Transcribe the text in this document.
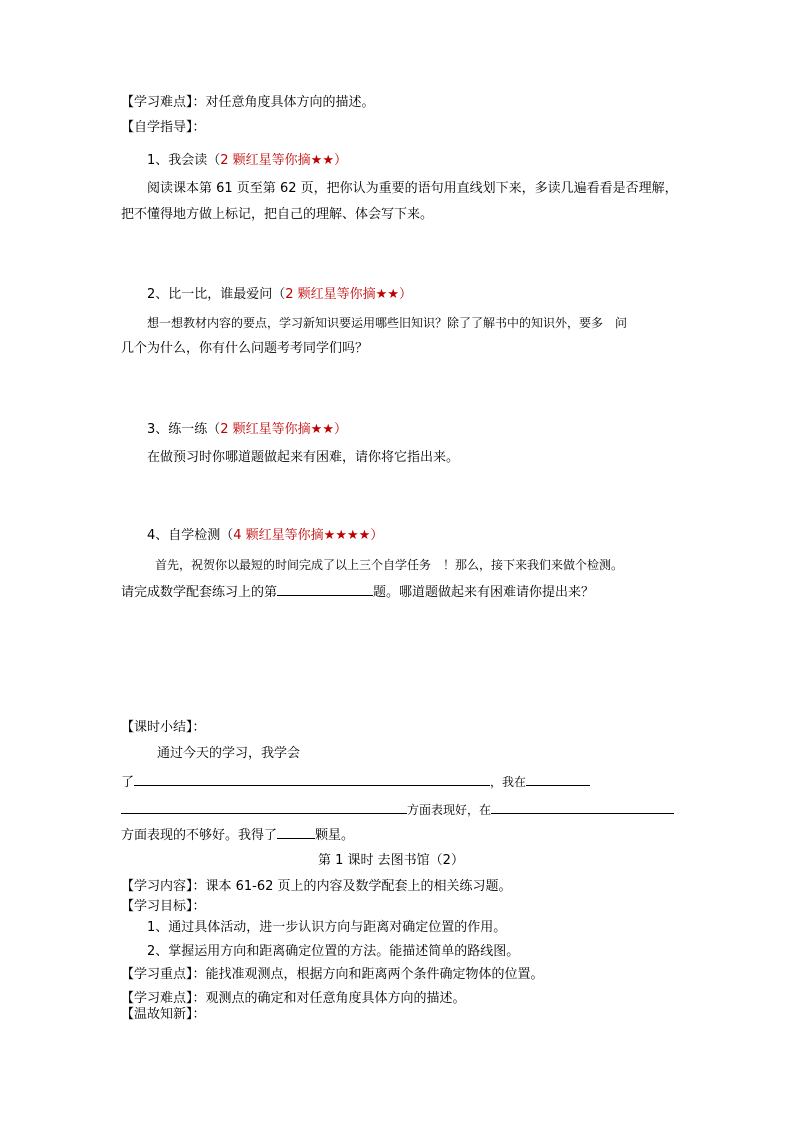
【学习难点】：对任意角度具体方向的描述。
【自学指导】：
1、我会读（2 颗红星等你摘★★）
阅读课本第 61 页至第 62 页，把你认为重要的语句用直线划下来，多读几遍看看是否理解，
把不懂得地方做上标记，把自己的理解、体会写下来。
2、比一比，谁最爱问（2 颗红星等你摘★★）
想一想教材内容的要点，学习新知识要运用哪些旧知识？除了了解书中的知识外，要多　问
几个为什么，你有什么问题考考同学们吗？
3、练一练（2 颗红星等你摘★★）
在做预习时你哪道题做起来有困难，请你将它指出来。
4、自学检测（4 颗红星等你摘★★★★）
首先，祝贺你以最短的时间完成了以上三个自学任务　！那么，接下来我们来做个检测。
请完成数学配套练习上的第	题。哪道题做起来有困难请你提出来？
【课时小结】：
通过今天的学习，我学会
了	，我在
方面表现好，在
方面表现的不够好。我得了	颗星。
第 1 课时 去图书馆（2）
【学习内容】：课本 61-62 页上的内容及数学配套上的相关练习题。
【学习目标】：
1、通过具体活动，进一步认识方向与距离对确定位置的作用。
2、掌握运用方向和距离确定位置的方法。能描述简单的路线图。
【学习重点】：能找准观测点，根据方向和距离两个条件确定物体的位置。
【学习难点】：观测点的确定和对任意角度具体方向的描述。
【温故知新】：
